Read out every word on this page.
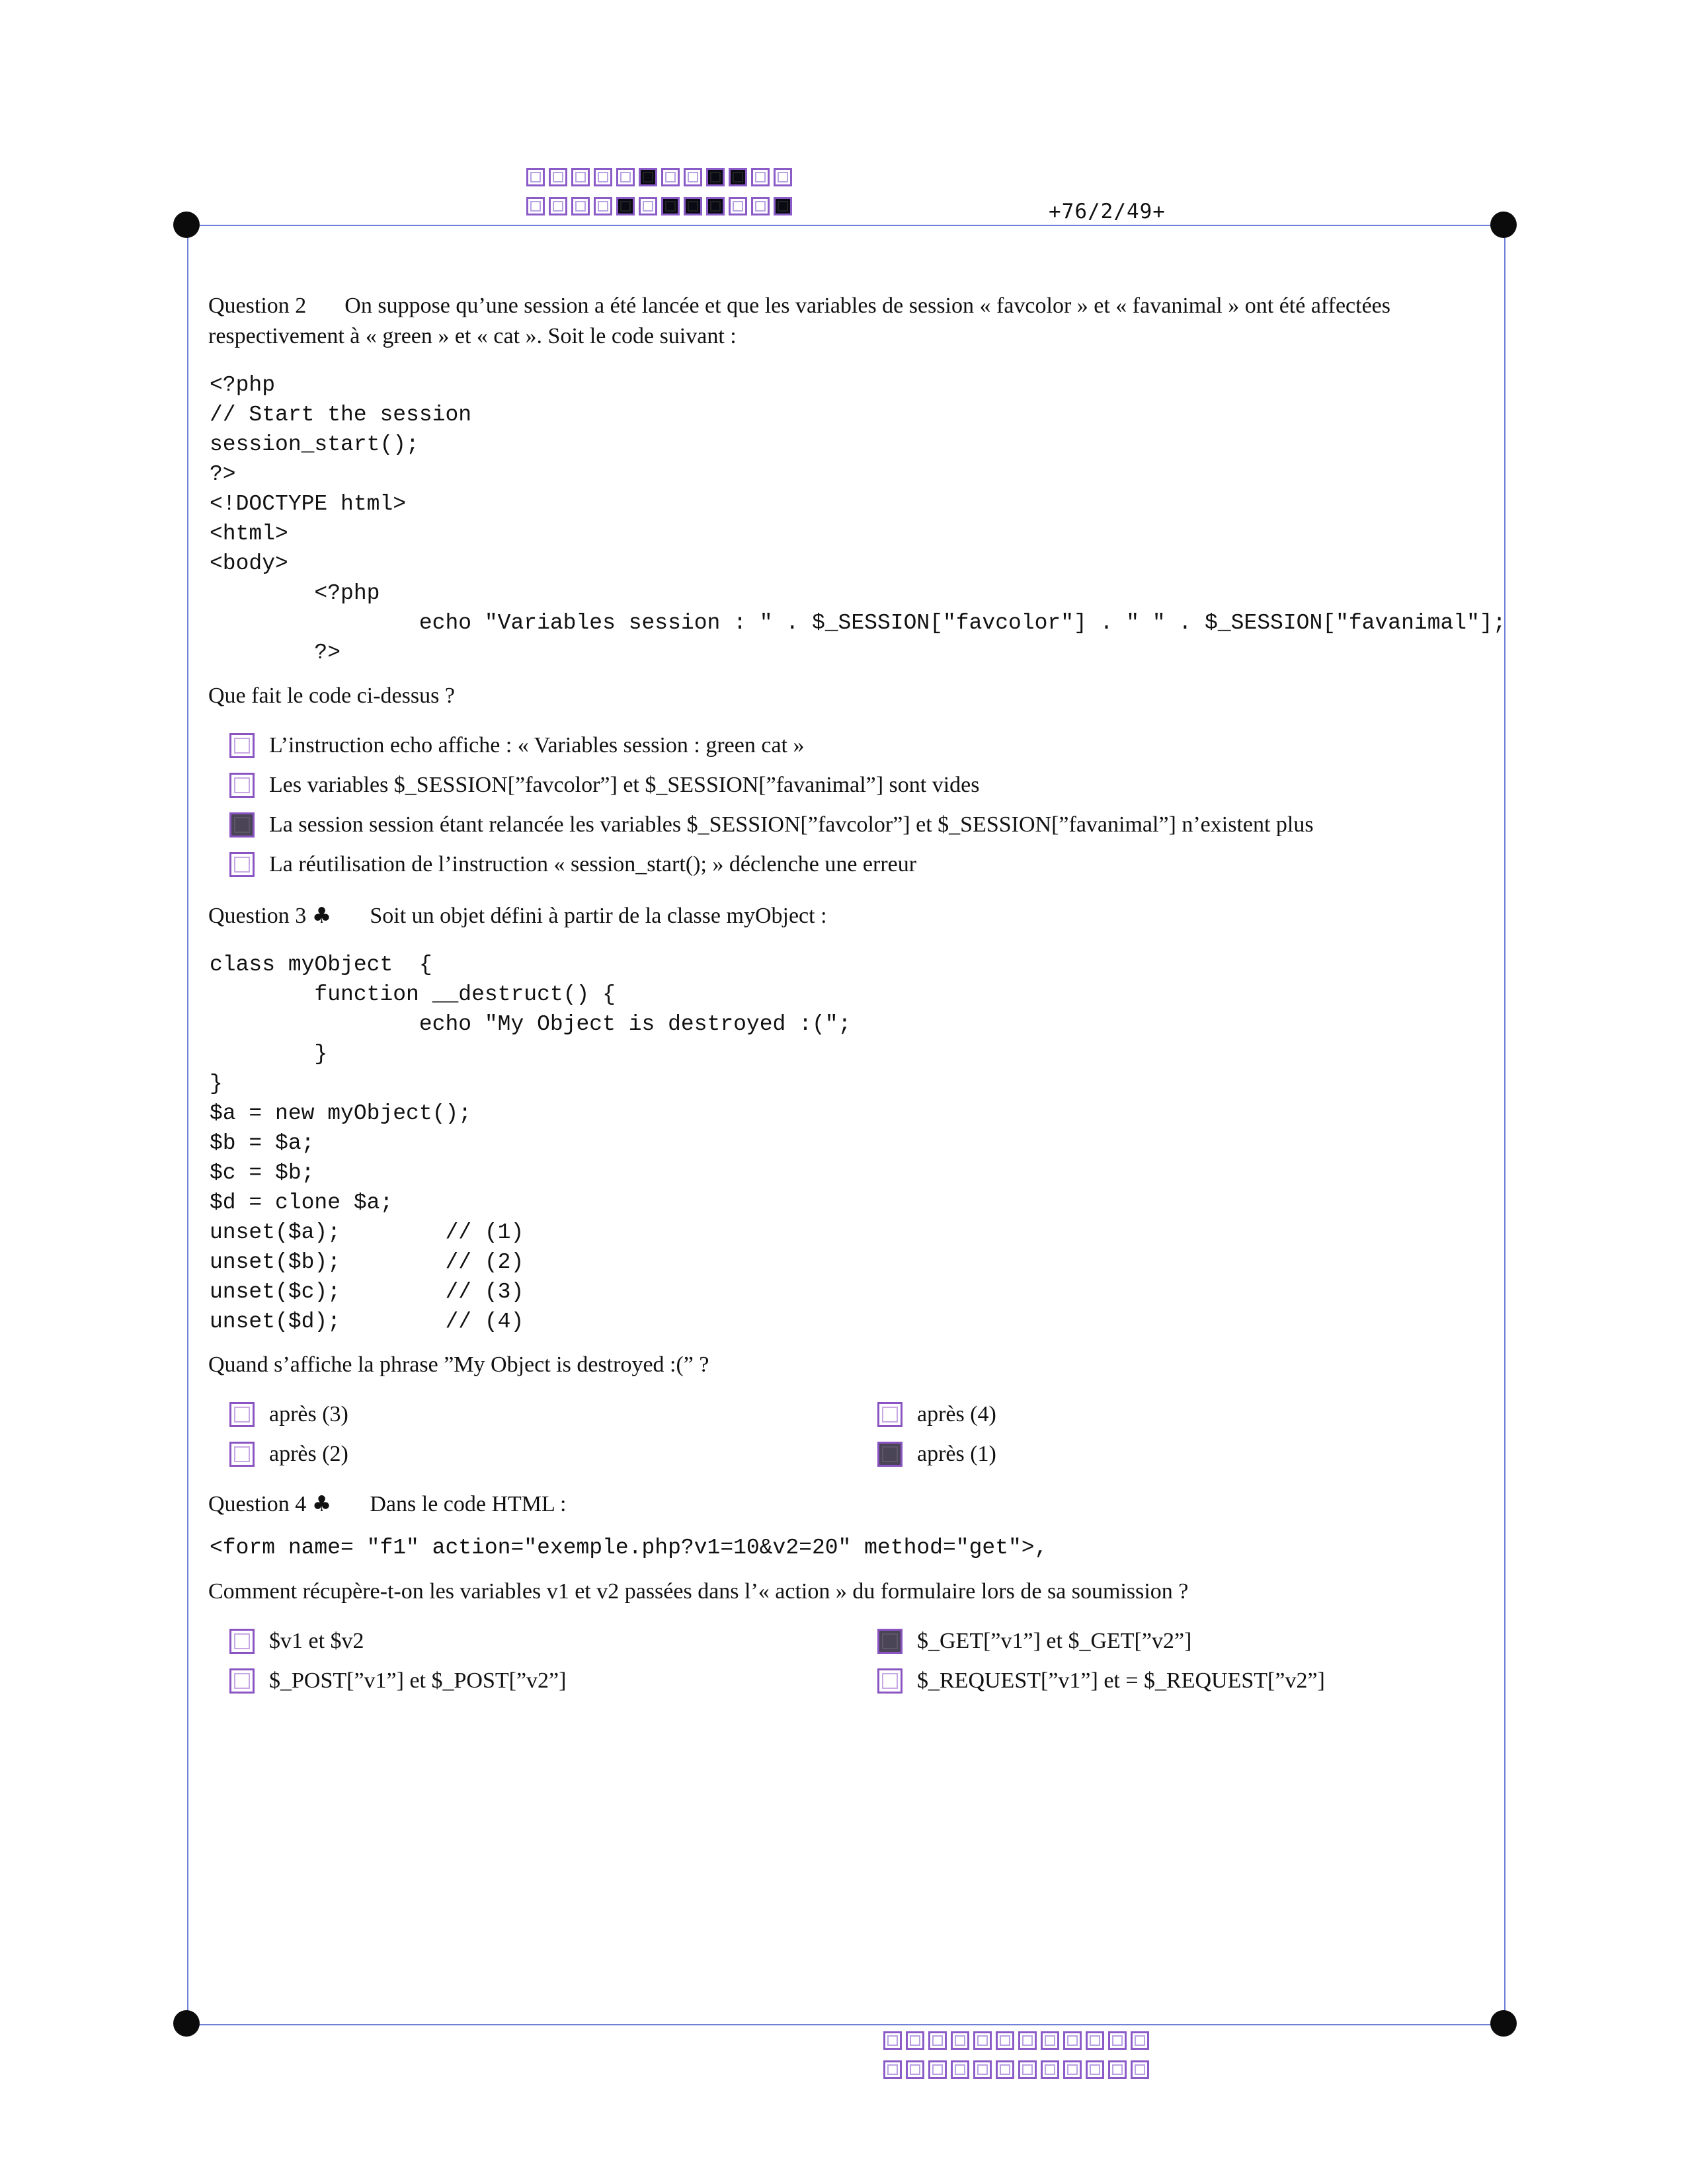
+76/2/49+

Question 2 On suppose qu’une session a été lancée et que les variables de session « favcolor » et « favanimal » ont été affectées respectivement à « green » et « cat ». Soit le code suivant :

<?php
// Start the session
session_start();
?>
<!DOCTYPE html>
<html>
<body>
<?php
echo "Variables session : " . $_SESSION["favcolor"] . " " . $_SESSION["favanimal"];
?>

Que fait le code ci-dessus ?

L’instruction echo affiche : « Variables session : green cat »
Les variables $_SESSION[”favcolor”] et $_SESSION[”favanimal”] sont vides
La session session étant relancée les variables $_SESSION[”favcolor”] et $_SESSION[”favanimal”] n’existent plus
La réutilisation de l’instruction « session_start(); » déclenche une erreur

Question 3 ♣ Soit un objet défini à partir de la classe myObject :

class myObject  {
function __destruct() {
echo "My Object is destroyed :(";
}
}
$a = new myObject();
$b = $a;
$c = $b;
$d = clone $a;
unset($a);        // (1)
unset($b);        // (2)
unset($c);        // (3)
unset($d);        // (4)

Quand s’affiche la phrase ”My Object is destroyed :(” ?

après (3)	après (4)
après (2)	après (1)

Question 4 ♣ Dans le code HTML :

<form name= "f1" action="exemple.php?v1=10&v2=20" method="get">,

Comment récupère-t-on les variables v1 et v2 passées dans l’« action » du formulaire lors de sa soumission ?

$v1 et $v2	$_GET[”v1”] et $_GET[”v2”]
$_POST[”v1”] et $_POST[”v2”]	$_REQUEST[”v1”] et = $_REQUEST[”v2”]
